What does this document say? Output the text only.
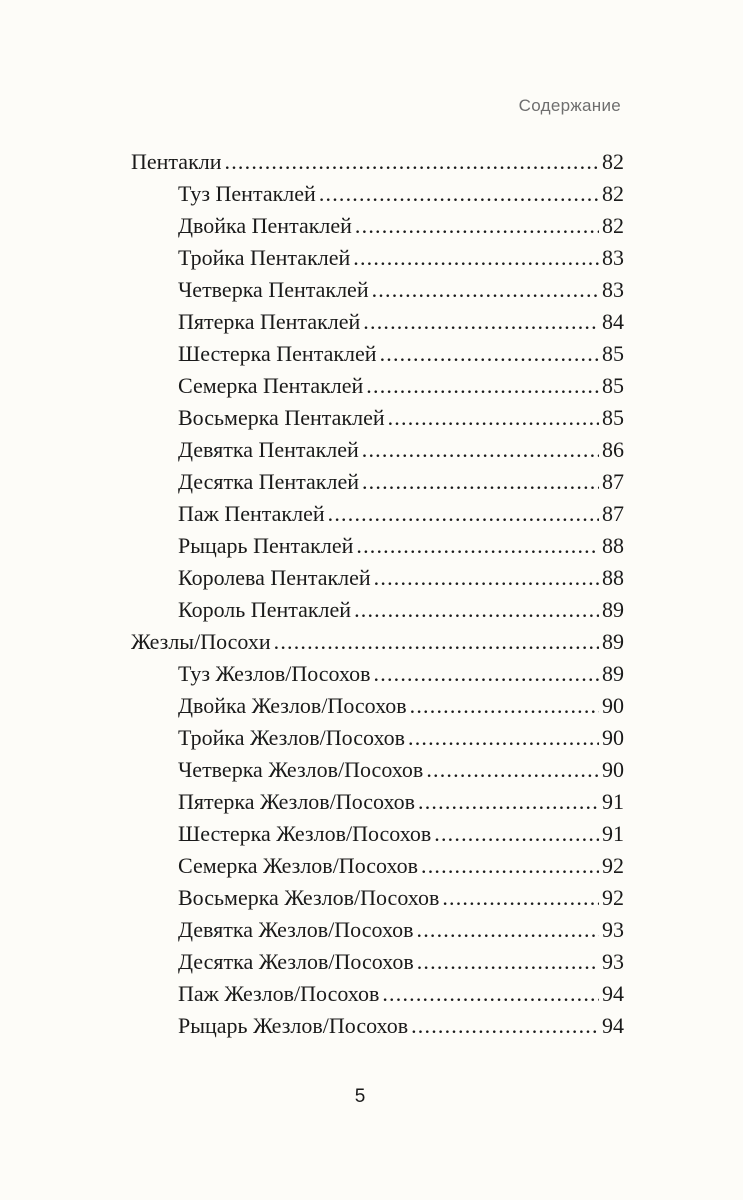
Содержание
Пентакли .....	82
Туз Пентаклей .....	82
Двойка Пентаклей .....	82
Тройка Пентаклей .....	83
Четверка Пентаклей .....	83
Пятерка Пентаклей .....	84
Шестерка Пентаклей .....	85
Семерка Пентаклей .....	85
Восьмерка Пентаклей .....	85
Девятка Пентаклей .....	86
Десятка Пентаклей .....	87
Паж Пентаклей .....	87
Рыцарь Пентаклей .....	88
Королева Пентаклей .....	88
Король Пентаклей .....	89
Жезлы/Посохи .....	89
Туз Жезлов/Посохов .....	89
Двойка Жезлов/Посохов .....	90
Тройка Жезлов/Посохов .....	90
Четверка Жезлов/Посохов .....	90
Пятерка Жезлов/Посохов .....	91
Шестерка Жезлов/Посохов .....	91
Семерка Жезлов/Посохов .....	92
Восьмерка Жезлов/Посохов .....	92
Девятка Жезлов/Посохов .....	93
Десятка Жезлов/Посохов .....	93
Паж Жезлов/Посохов .....	94
Рыцарь Жезлов/Посохов .....	94
5
